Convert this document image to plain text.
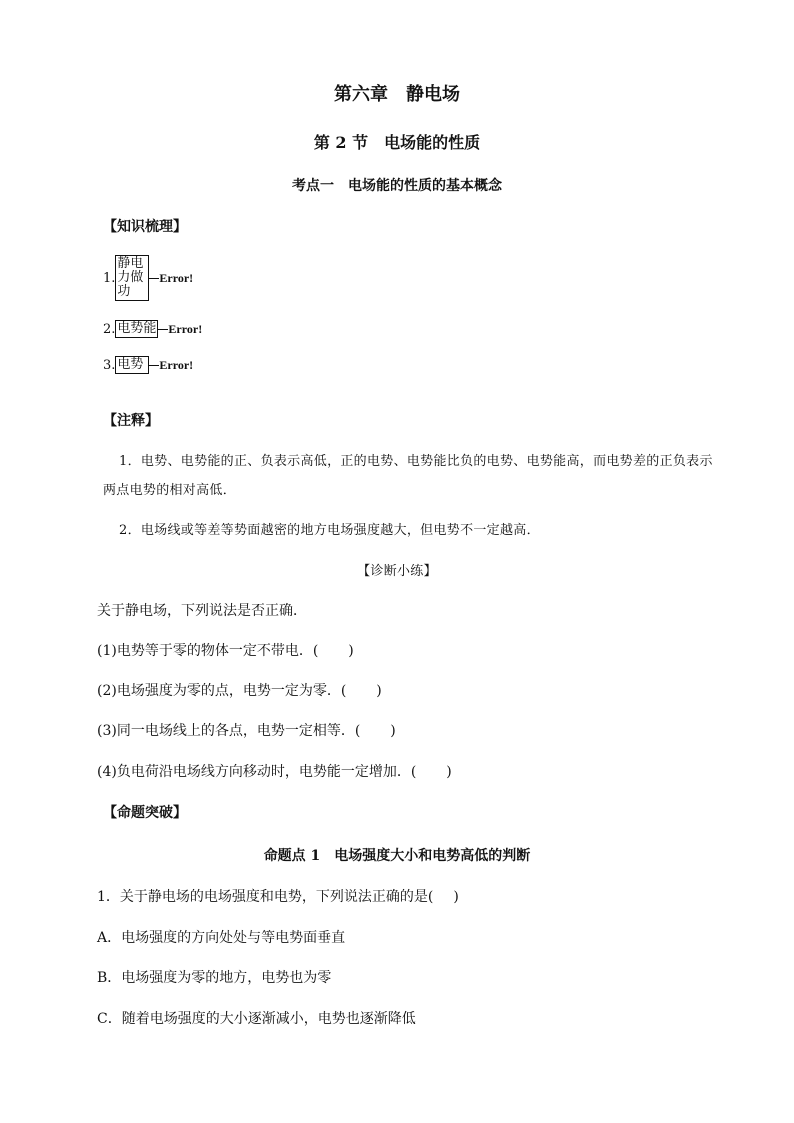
第六章　静电场
第 2 节　电场能的性质
考点一　电场能的性质的基本概念
【知识梳理】
1.
静电力做功
Error!
2. 电势能 Error!
3. 电势	Error!
【注释】
1．电势、电势能的正、负表示高低，正的电势、电势能比负的电势、电势能高，而电势差的正负表示
两点电势的相对高低．
2．电场线或等差等势面越密的地方电场强度越大，但电势不一定越高．
【诊断小练】
关于静电场，下列说法是否正确．
(1)电势等于零的物体一定不带电．( )
(2)电场强度为零的点，电势一定为零．( )
(3)同一电场线上的各点，电势一定相等．( )
(4)负电荷沿电场线方向移动时，电势能一定增加．( )
【命题突破】
命题点 1　电场强度大小和电势高低的判断
1．关于静电场的电场强度和电势，下列说法正确的是( )
A．电场强度的方向处处与等电势面垂直
B．电场强度为零的地方，电势也为零
C．随着电场强度的大小逐渐减小，电势也逐渐降低
